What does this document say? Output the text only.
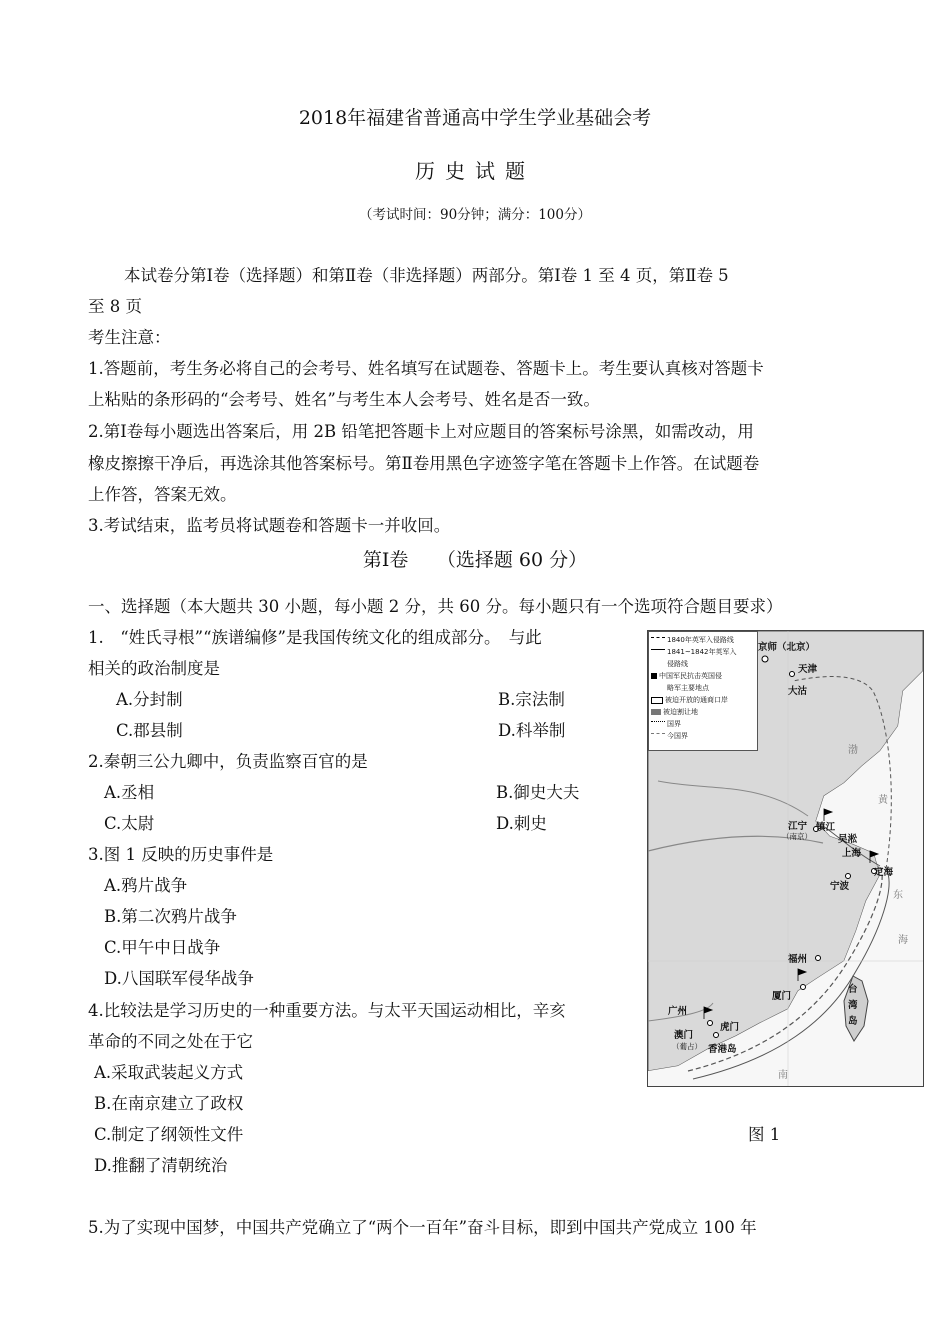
2018年福建省普通高中学生学业基础会考
历史试题
（考试时间：90分钟；满分：100分）
本试卷分第Ⅰ卷（选择题）和第Ⅱ卷（非选择题）两部分。第Ⅰ卷 1 至 4 页，第Ⅱ卷 5
至 8 页
考生注意：
1.答题前，考生务必将自己的会考号、姓名填写在试题卷、答题卡上。考生要认真核对答题卡
上粘贴的条形码的“会考号、姓名”与考生本人会考号、姓名是否一致。
2.第Ⅰ卷每小题选出答案后，用 2B 铅笔把答题卡上对应题目的答案标号涂黑，如需改动，用
橡皮擦擦干净后，再选涂其他答案标号。第Ⅱ卷用黑色字迹签字笔在答题卡上作答。在试题卷
上作答，答案无效。
3.考试结束，监考员将试题卷和答题卡一并收回。
第Ⅰ卷　　（选择题 60 分）
一、选择题（本大题共 30 小题，每小题 2 分，共 60 分。每小题只有一个选项符合题目要求）
1.　“姓氏寻根”“族谱编修”是我国传统文化的组成部分。　与此
相关的政治制度是
A.分封制	B.宗法制
C.郡县制	D.科举制
2.秦朝三公九卿中，负责监察百官的是
A.丞相	B.御史大夫
C.太尉	D.刺史
3.图 1 反映的历史事件是
A.鸦片战争
B.第二次鸦片战争
C.甲午中日战争
D.八国联军侵华战争
4.比较法是学习历史的一种重要方法。与太平天国运动相比，辛亥
革命的不同之处在于它
A.采取武装起义方式
B.在南京建立了政权
C.制定了纲领性文件
D.推翻了清朝统治
5.为了实现中国梦，中国共产党确立了“两个一百年”奋斗目标，即到中国共产党成立 100 年
1840年英军入侵路线
1841~1842年英军入
侵路线
中国军民抗击英国侵
略军主要地点
被迫开放的通商口岸
被迫割让地
国界
今国界
京师（北京）
天津
大沽
江宁
（南京）
镇江
吴淞
上海
定海
宁波
福州
厦门
广州
虎门
澳门
（葡占） 香港岛
台
湾
岛
渤
黄
东
海
南
图 1
